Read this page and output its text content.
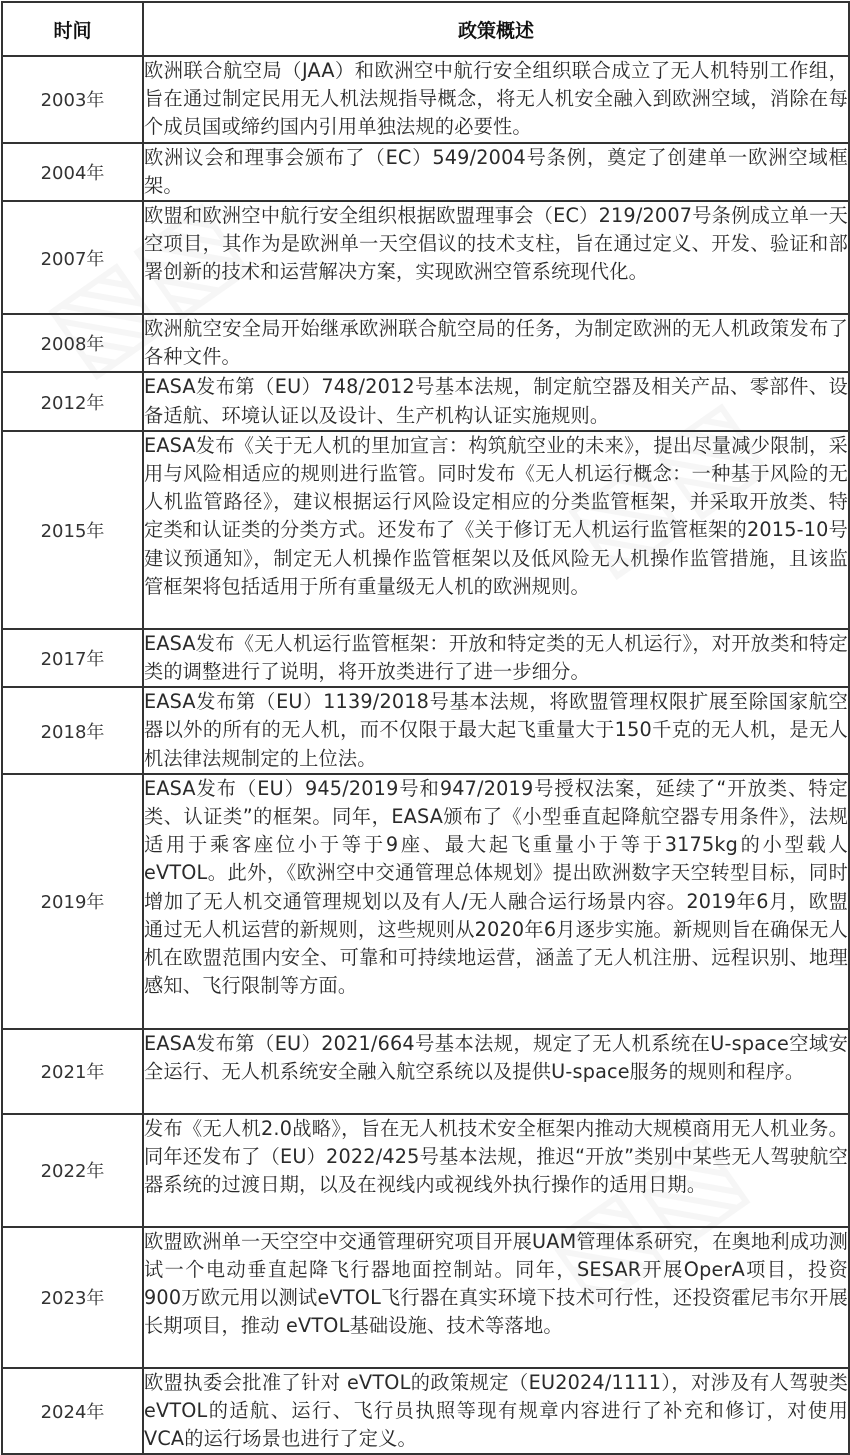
时间	政策概述
2003年	欧洲联合航空局（JAA）和欧洲空中航行安全组织联合成立了无人机特别工作组，旨在通过制定民用无人机法规指导概念，将无人机安全融入到欧洲空域，消除在每个成员国或缔约国内引用单独法规的必要性。
2004年	欧洲议会和理事会颁布了（EC）549/2004号条例，奠定了创建单一欧洲空域框架。
2007年	欧盟和欧洲空中航行安全组织根据欧盟理事会（EC）219/2007号条例成立单一天空项目，其作为是欧洲单一天空倡议的技术支柱，旨在通过定义、开发、验证和部署创新的技术和运营解决方案，实现欧洲空管系统现代化。
2008年	欧洲航空安全局开始继承欧洲联合航空局的任务，为制定欧洲的无人机政策发布了各种文件。
2012年	EASA发布第（EU）748/2012号基本法规，制定航空器及相关产品、零部件、设备适航、环境认证以及设计、生产机构认证实施规则。
2015年	EASA发布《关于无人机的里加宣言：构筑航空业的未来》，提出尽量减少限制，采用与风险相适应的规则进行监管。同时发布《无人机运行概念：一种基于风险的无人机监管路径》，建议根据运行风险设定相应的分类监管框架，并采取开放类、特定类和认证类的分类方式。还发布了《关于修订无人机运行监管框架的2015-10号建议预通知》，制定无人机操作监管框架以及低风险无人机操作监管措施，且该监管框架将包括适用于所有重量级无人机的欧洲规则。
2017年	EASA发布《无人机运行监管框架：开放和特定类的无人机运行》，对开放类和特定类的调整进行了说明，将开放类进行了进一步细分。
2018年	EASA发布第（EU）1139/2018号基本法规，将欧盟管理权限扩展至除国家航空器以外的所有的无人机，而不仅限于最大起飞重量大于150千克的无人机，是无人机法律法规制定的上位法。
2019年	EASA发布（EU）945/2019号和947/2019号授权法案，延续了“开放类、特定类、认证类”的框架。同年，EASA颁布了《小型垂直起降航空器专用条件》，法规适用于乘客座位小于等于9座、最大起飞重量小于等于3175kg的小型载人eVTOL。此外，《欧洲空中交通管理总体规划》提出欧洲数字天空转型目标，同时增加了无人机交通管理规划以及有人/无人融合运行场景内容。2019年6月，欧盟通过无人机运营的新规则，这些规则从2020年6月逐步实施。新规则旨在确保无人机在欧盟范围内安全、可靠和可持续地运营，涵盖了无人机注册、远程识别、地理感知、飞行限制等方面。
2021年	EASA发布第（EU）2021/664号基本法规，规定了无人机系统在U-space空域安全运行、无人机系统安全融入航空系统以及提供U-space服务的规则和程序。
2022年	发布《无人机2.0战略》，旨在无人机技术安全框架内推动大规模商用无人机业务。同年还发布了（EU）2022/425号基本法规，推迟“开放”类别中某些无人驾驶航空器系统的过渡日期，以及在视线内或视线外执行操作的适用日期。
2023年	欧盟欧洲单一天空空中交通管理研究项目开展UAM管理体系研究，在奥地利成功测试一个电动垂直起降飞行器地面控制站。同年，SESAR开展OperA项目，投资900万欧元用以测试eVTOL飞行器在真实环境下技术可行性，还投资霍尼韦尔开展长期项目，推动 eVTOL基础设施、技术等落地。
2024年	欧盟执委会批准了针对 eVTOL的政策规定（EU2024/1111），对涉及有人驾驶类eVTOL的适航、运行、飞行员执照等现有规章内容进行了补充和修订，对使用VCA的运行场景也进行了定义。
